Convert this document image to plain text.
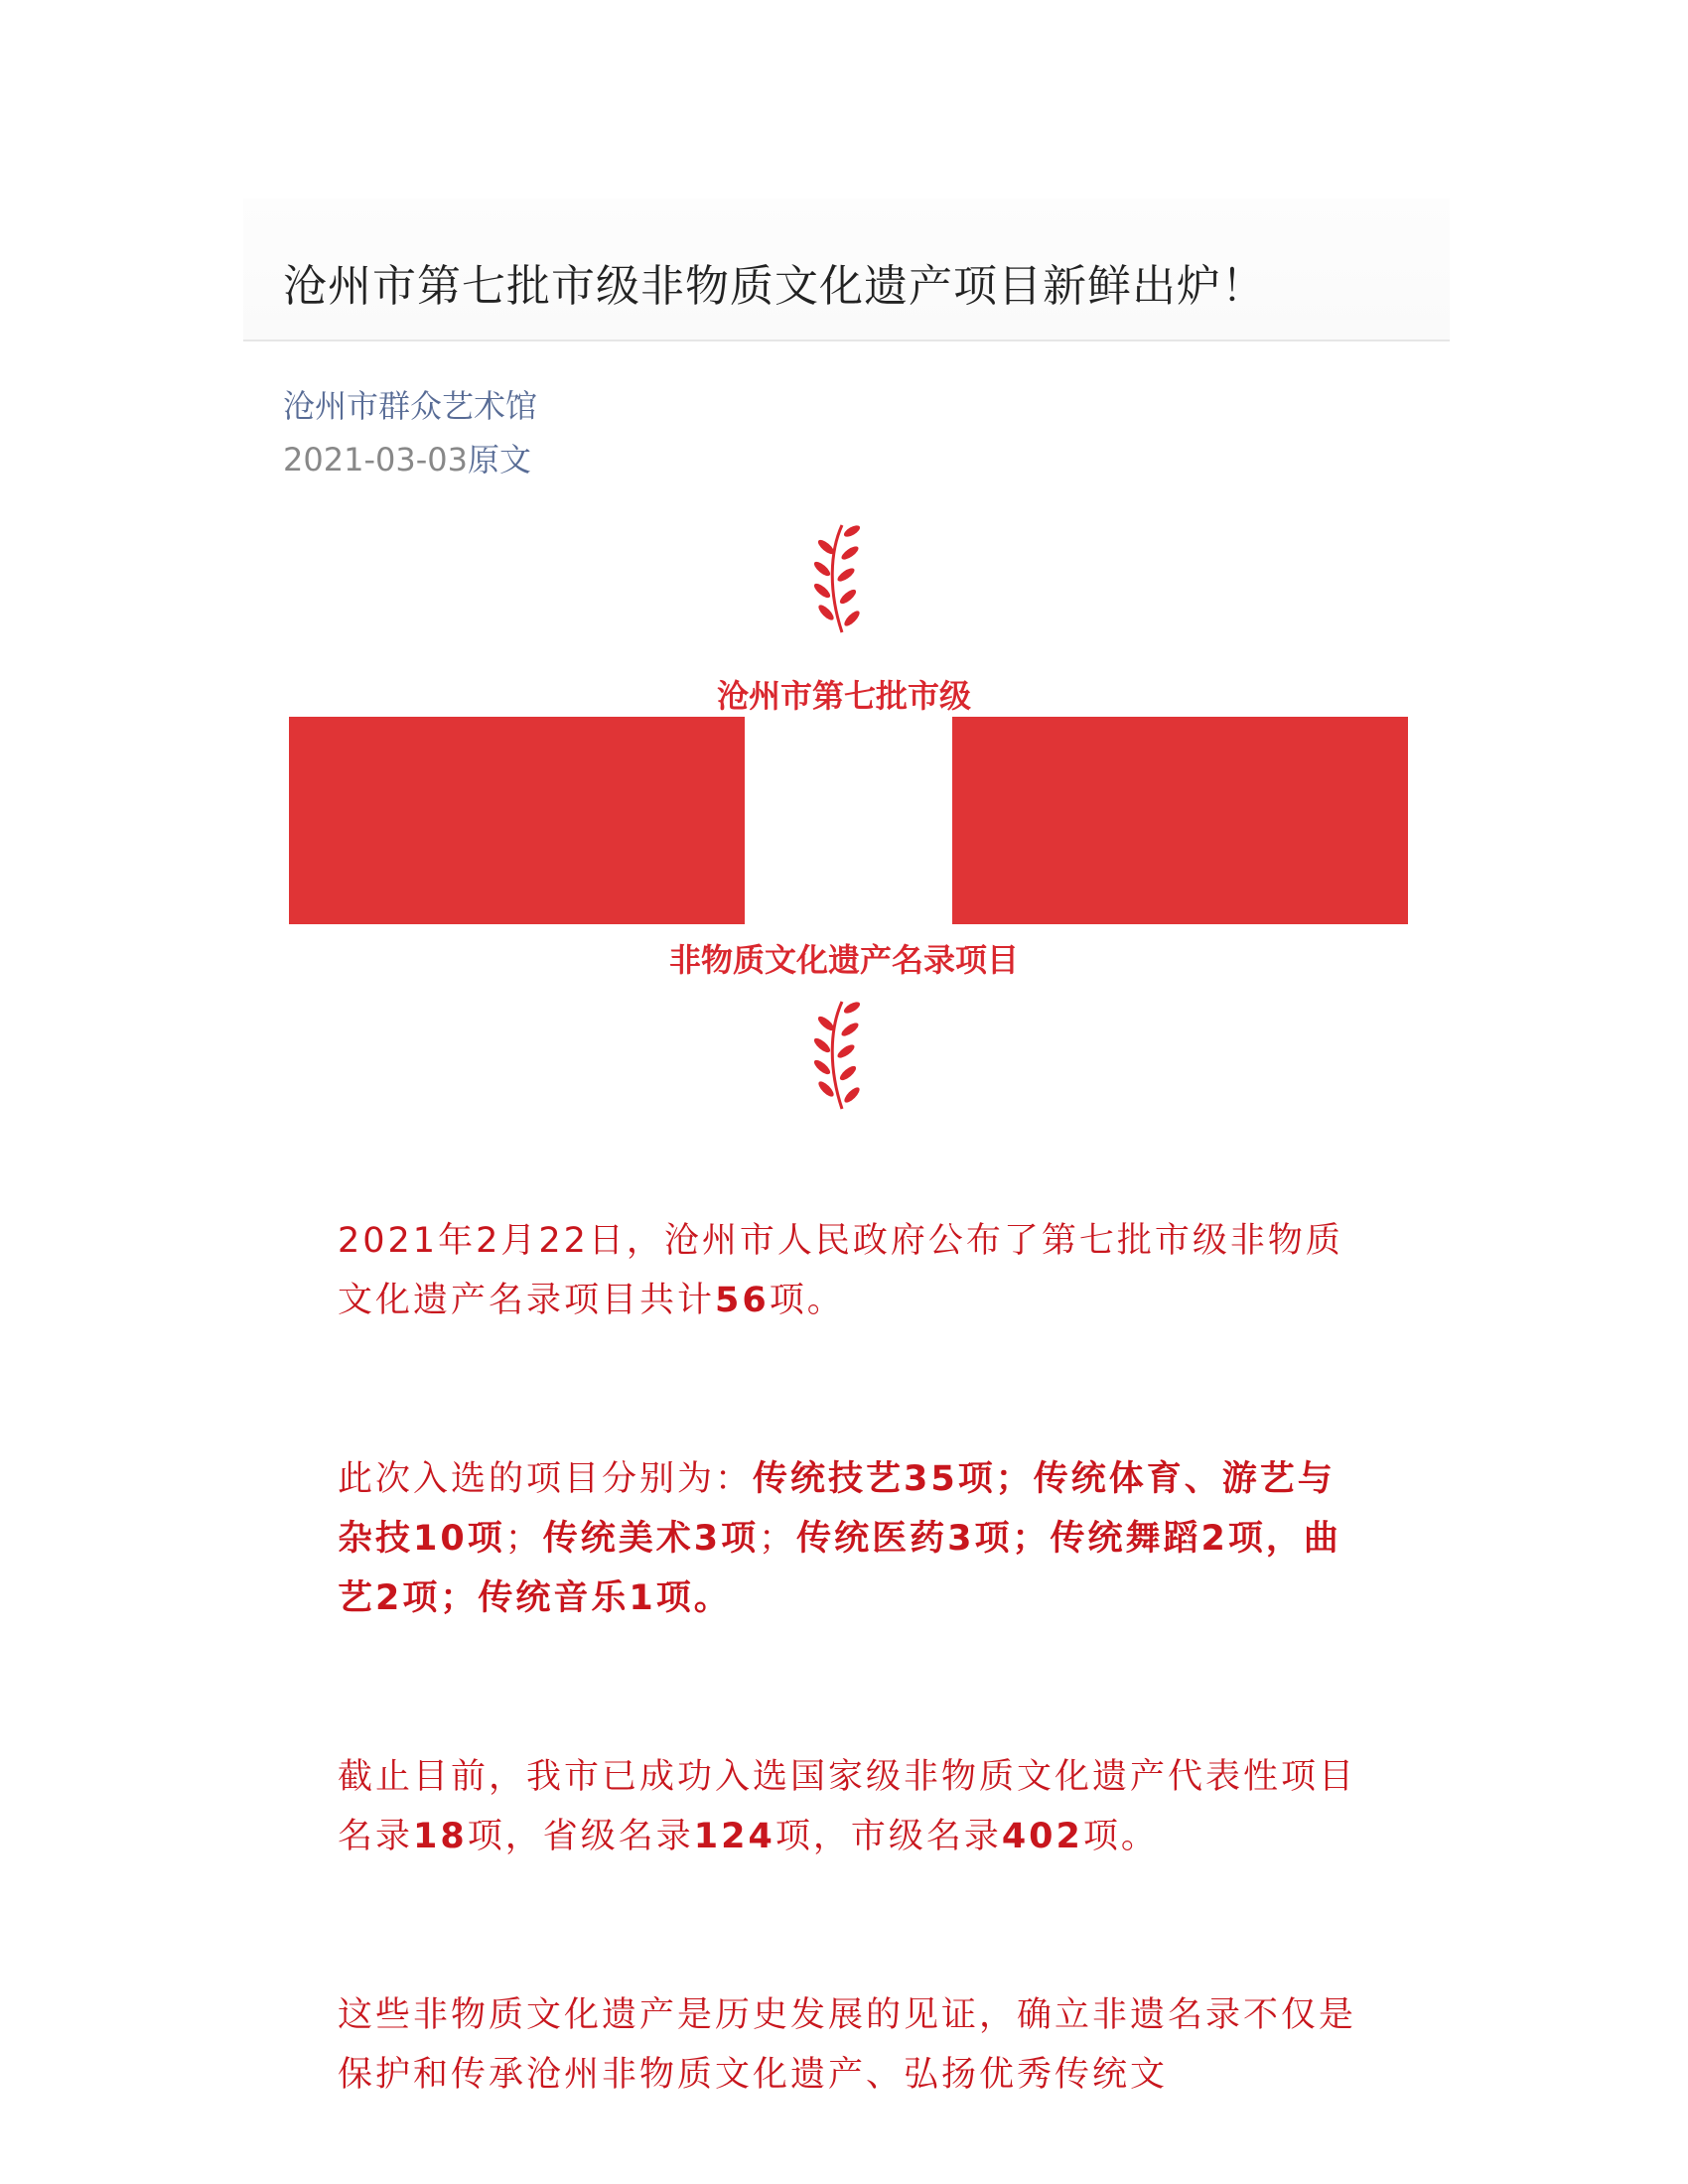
沧州市第七批市级非物质文化遗产项目新鲜出炉！
沧州市群众艺术馆
2021-03-03原文
沧州市第七批市级
非物质文化遗产名录项目

2021年2月22日，沧州市人民政府公布了第七批市级非物质文化遗产名录项目共计56项。

此次入选的项目分别为：传统技艺35项；传统体育、游艺与杂技10项；传统美术3项；传统医药3项；传统舞蹈2项，曲艺2项；传统音乐1项。

截止目前，我市已成功入选国家级非物质文化遗产代表性项目名录18项，省级名录124项，市级名录402项。

这些非物质文化遗产是历史发展的见证，确立非遗名录不仅是保护和传承沧州非物质文化遗产、弘扬优秀传统文
